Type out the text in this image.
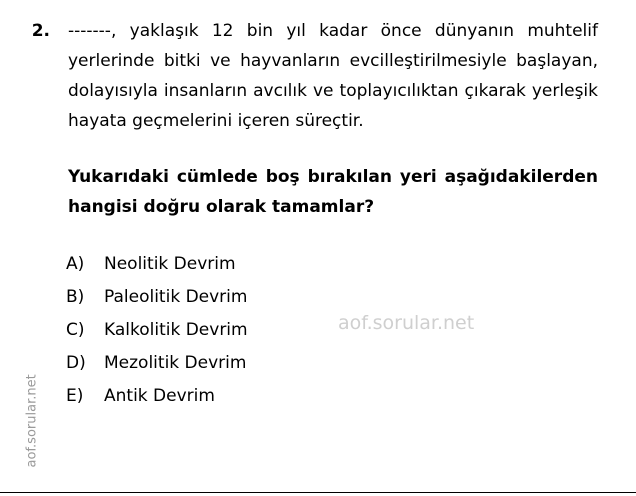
aof.sorular.net
2. -------, yaklaşık 12 bin yıl kadar önce dünyanın muhtelif yerlerinde bitki ve hayvanların evcilleştirilmesiyle başlayan, dolayısıyla insanların avcılık ve toplayıcılıktan çıkarak yerleşik hayata geçmelerini içeren süreçtir.
Yukarıdaki cümlede boş bırakılan yeri aşağıdakilerden hangisi doğru olarak tamamlar?
A)	Neolitik Devrim
B)	Paleolitik Devrim
C)	Kalkolitik Devrim
D)	Mezolitik Devrim
E)	Antik Devrim
aof.sorular.net
